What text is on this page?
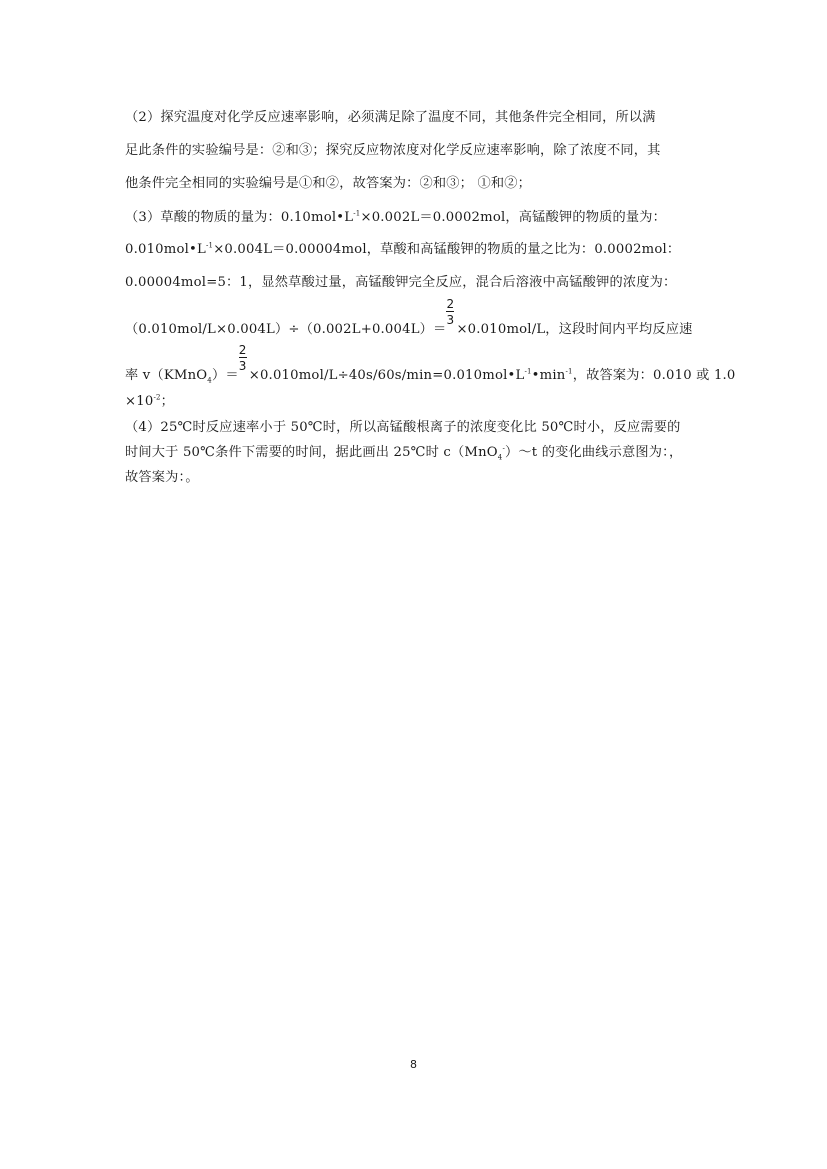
（2）探究温度对化学反应速率影响，必须满足除了温度不同，其他条件完全相同，所以满
足此条件的实验编号是：②和③；探究反应物浓度对化学反应速率影响，除了浓度不同，其
他条件完全相同的实验编号是①和②，故答案为：②和③； ①和②；
（3）草酸的物质的量为：$0.10mol•L^{-1}\times 0.002L=0.0002mol$，高锰酸钾的物质的量为：
$0.010mol•L^{-1}\times 0.004L=0.00004mol$，草酸和高锰酸钾的物质的量之比为：0.0002mol：
0.00004mol=5：1，显然草酸过量，高锰酸钾完全反应，混合后溶液中高锰酸钾的浓度为：
（0.010mol/L×0.004L）÷（0.002L+0.004L）＝
2
3
×0.010mol/L，这段时间内平均反应速
率 v（KMnO$_4$）＝
2
3
$\times 0.010mol/L\div 40s/60s/\min=0.010mol•L^{-1}•\min^{-1}$，故答案为：0.010 或 1.0
$\times 10^{-2}$；
（4）25℃时反应速率小于 50℃时，所以高锰酸根离子的浓度变化比 50℃时小，反应需要的
时间大于 50℃条件下需要的时间，据此画出 25℃时 c（MnO$_4$-）～t 的变化曲线示意图为：，
故答案为：。
8
